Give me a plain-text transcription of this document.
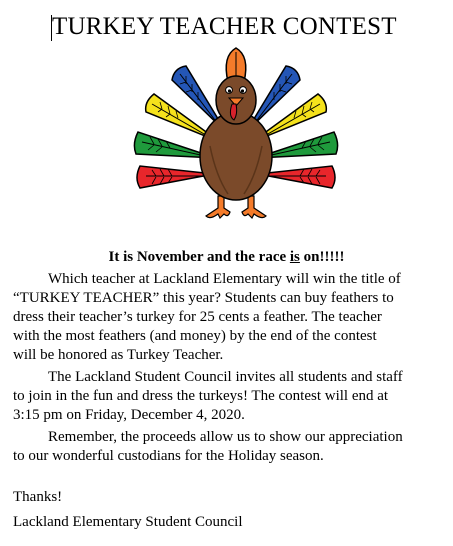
TURKEY TEACHER CONTEST
It is November and the race is on!!!!!
Which teacher at Lackland Elementary will win the title of
“TURKEY TEACHER” this year? Students can buy feathers to
dress their teacher’s turkey for 25 cents a feather. The teacher
with the most feathers (and money) by the end of the contest
will be honored as Turkey Teacher.
The Lackland Student Council invites all students and staff
to join in the fun and dress the turkeys! The contest will end at
3:15 pm on Friday, December 4, 2020.
Remember, the proceeds allow us to show our appreciation
to our wonderful custodians for the Holiday season.
Thanks!
Lackland Elementary Student Council
